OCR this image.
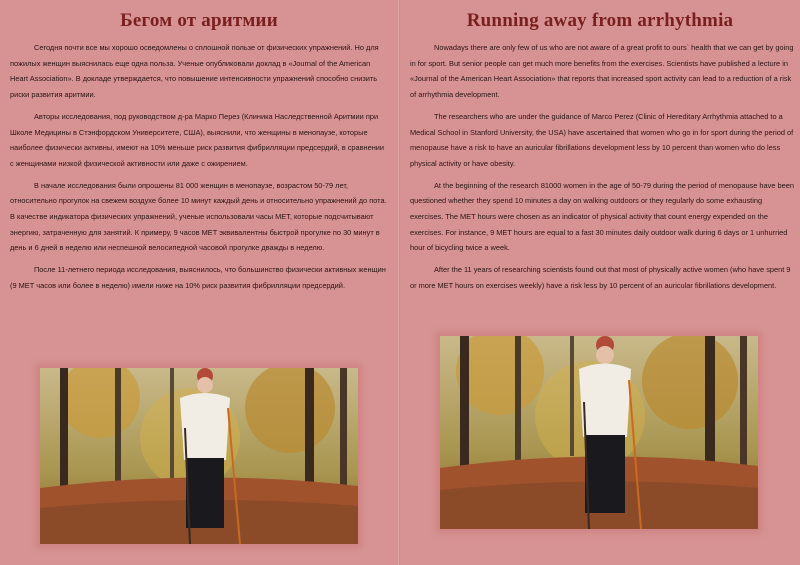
Бегом от аритмии

Сегодня почти все мы хорошо осведомлены о сплошной пользе от физических упражнений. Но для пожилых женщин выяснилась еще одна польза. Ученые опубликовали доклад в «Journal of the American Heart Association». В докладе утверждается, что повышение интенсивности упражнений способно снизить риски развития аритмии.

Авторы исследования, под руководством д-ра Марко Перез (Клиника Наследственной Аритмии при Школе Медицины в Стэнфордском Университете, США), выяснили, что женщины в менопаузе, которые наиболее физически активны, имеют на 10% меньше риск развития фибрилляции предсердий, в сравнении с женщинами низкой физической активности или даже с ожирением.

В начале исследования были опрошены 81 000 женщин в менопаузе, возрастом 50-79 лет, относительно прогулок на свежем воздухе более 10 минут каждый день и относительно упражнений до пота. В качестве индикатора физических упражнений, ученые использовали часы МЕТ, которые подсчитывают энергию, затраченную для занятий. К примеру, 9 часов МЕТ эквивалентны быстрой прогулке по 30 минут в день и 6 дней в неделю или неспешной велосипедной часовой прогулке дважды в неделю.

После 11-летнего периода исследования, выяснилось, что большинство физически активных женщин (9 МЕТ часов или более в неделю) имели ниже на 10% риск развития фибрилляции предсердий.

Running away from arrhythmia

Nowadays there are only few of us who are not aware of a great profit to ours` health that we can get by going in for sport. But senior people can get much more benefits from the exercises. Scientists have published a lecture in «Journal of the American Heart Association» that reports that increased sport activity can lead to a reduction of a risk of arrhythmia development.

The researchers who are under the guidance of Marco Perez (Clinic of Hereditary Arrhythmia attached to a Medical School in Stanford University, the USA) have ascertained that women who go in for sport during the period of menopause have a risk to have an auricular fibrillations development less by 10 percent than women who do less physical activity or have obesity.

At the beginning of the research 81000 women in the age of 50-79 during the period of menopause have been questioned whether they spend 10 minutes a day on walking outdoors or they regularly do some exhausting exercises. The MET hours were chosen as an indicator of physical activity that count energy expended on the exercises. For instance, 9 MET hours are equal to a fast 30 minutes daily outdoor walk during 6 days or 1 unhurried hour of bicycling twice a week.

After the 11 years of researching scientists found out that most of physically active women (who have spent 9 or more MET hours on exercises weekly) have a risk less by 10 percent of an auricular fibrillations development.
